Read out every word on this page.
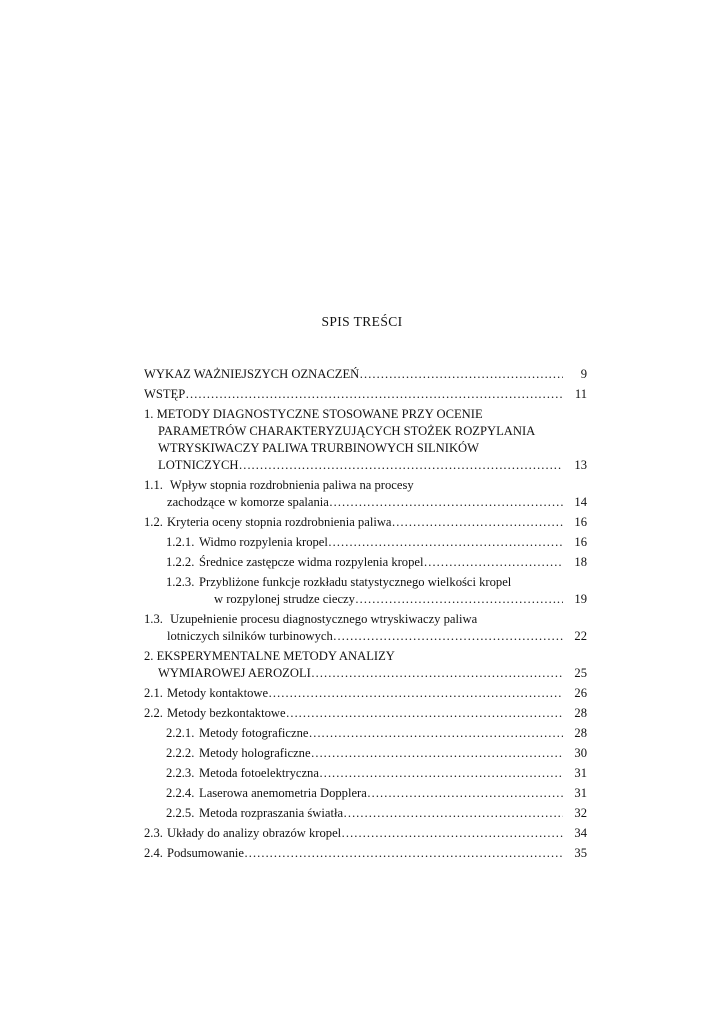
SPIS TREŚCI
WYKAZ WAŻNIEJSZYCH OZNACZEŃ ………………………………………………………………………………………………………………………………	9
WSTĘP ………………………………………………………………………………………………………………………………	11
1. METODY DIAGNOSTYCZNE STOSOWANE PRZY OCENIE
PARAMETRÓW CHARAKTERYZUJĄCYCH STOŻEK ROZPYLANIA
WTRYSKIWACZY PALIWA TRURBINOWYCH SILNIKÓW
LOTNICZYCH ………………………………………………………………………………………………………………………………	13
1.1. Wpływ stopnia rozdrobnienia paliwa na procesy
zachodzące w komorze spalania ………………………………………………………………………………………………………………………………	14
1.2. Kryteria oceny stopnia rozdrobnienia paliwa ………………………………………………………………………………………………………………………………	16
1.2.1. Widmo rozpylenia kropel ………………………………………………………………………………………………………………………………	16
1.2.2. Średnice zastępcze widma rozpylenia kropel ………………………………………………………………………………………………………………………………	18
1.2.3. Przybliżone funkcje rozkładu statystycznego wielkości kropel
w rozpylonej strudze cieczy ………………………………………………………………………………………………………………………………	19
1.3. Uzupełnienie procesu diagnostycznego wtryskiwaczy paliwa
lotniczych silników turbinowych ………………………………………………………………………………………………………………………………	22
2. EKSPERYMENTALNE METODY ANALIZY
WYMIAROWEJ AEROZOLI ………………………………………………………………………………………………………………………………	25
2.1. Metody kontaktowe ………………………………………………………………………………………………………………………………	26
2.2. Metody bezkontaktowe ………………………………………………………………………………………………………………………………	28
2.2.1. Metody fotograficzne ………………………………………………………………………………………………………………………………	28
2.2.2. Metody holograficzne ………………………………………………………………………………………………………………………………	30
2.2.3. Metoda fotoelektryczna ………………………………………………………………………………………………………………………………	31
2.2.4. Laserowa anemometria Dopplera ………………………………………………………………………………………………………………………………	31
2.2.5. Metoda rozpraszania światła ………………………………………………………………………………………………………………………………	32
2.3. Układy do analizy obrazów kropel ………………………………………………………………………………………………………………………………	34
2.4. Podsumowanie ………………………………………………………………………………………………………………………………	35
